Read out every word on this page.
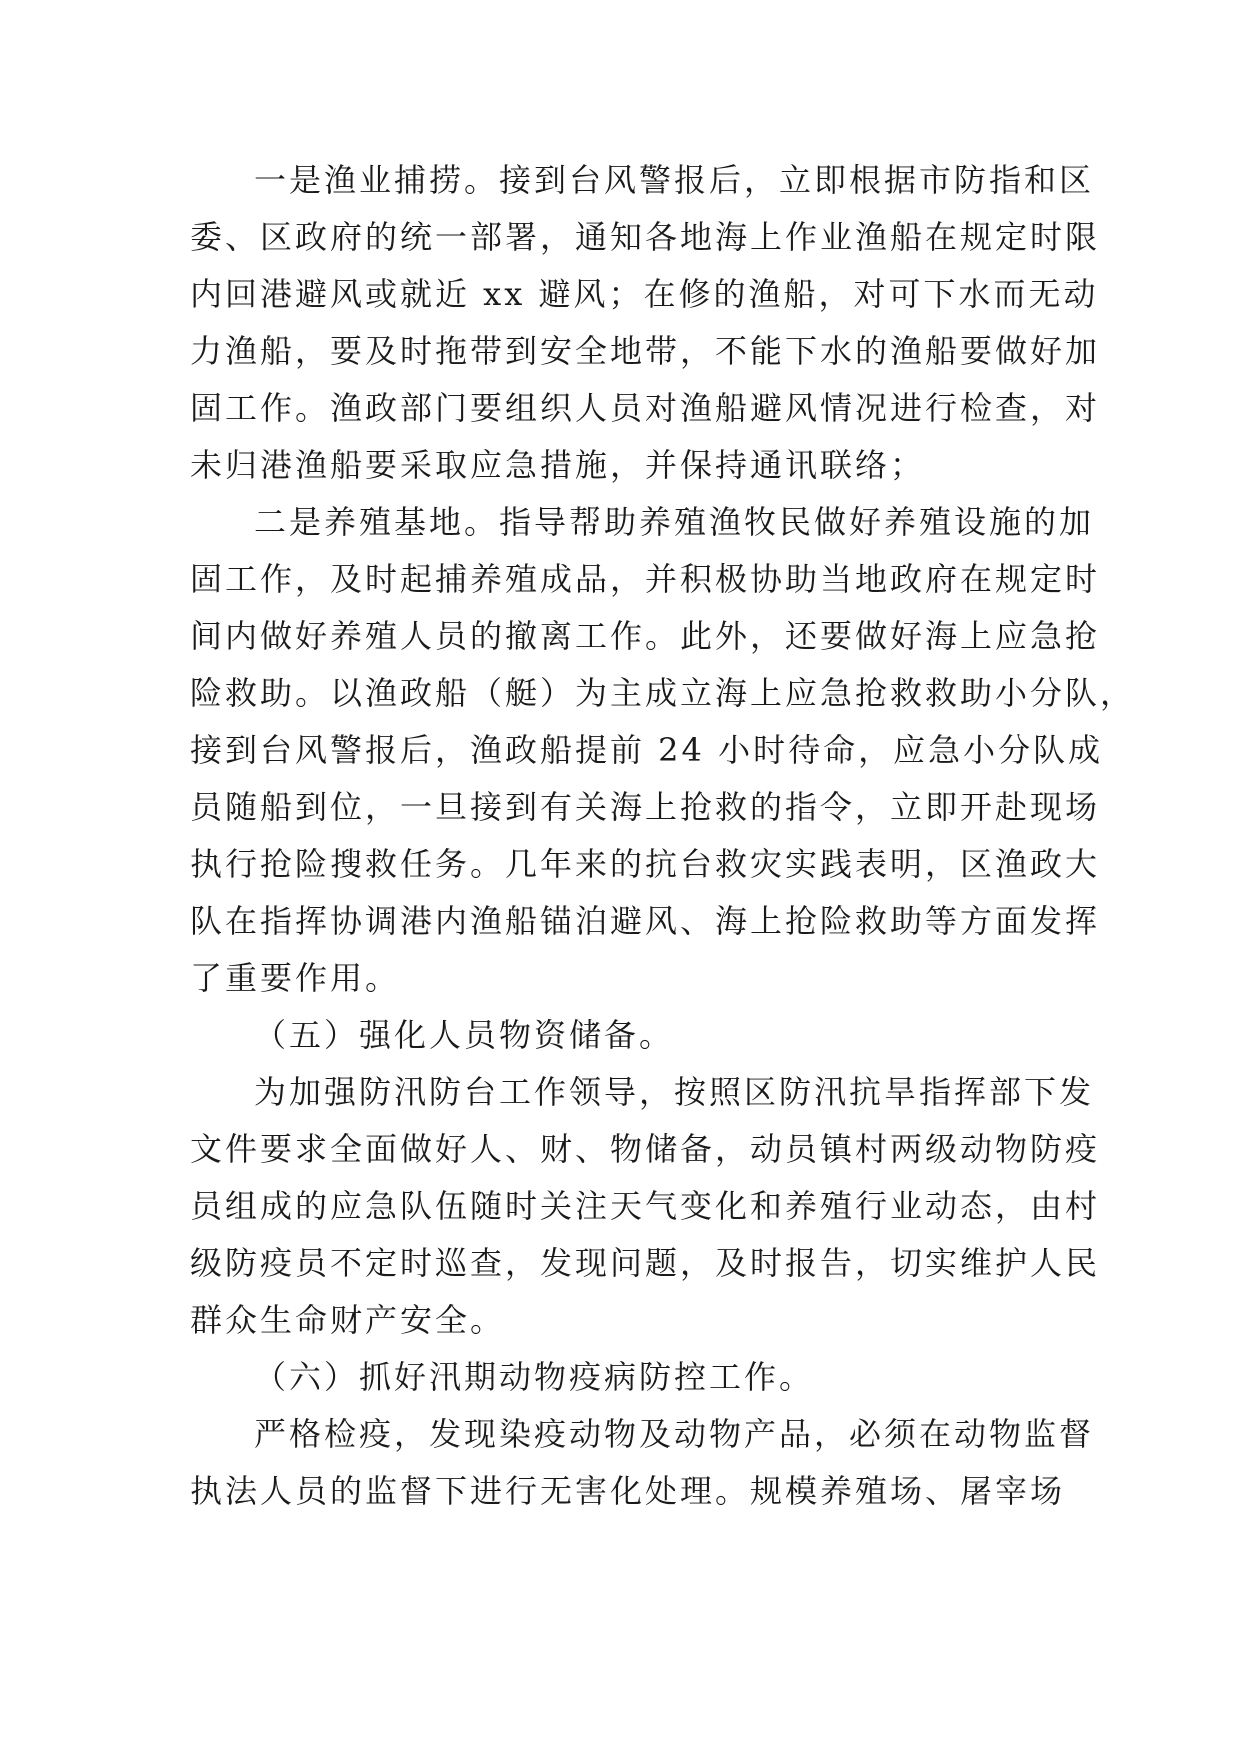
一是渔业捕捞。接到台风警报后，立即根据市防指和区
委、区政府的统一部署，通知各地海上作业渔船在规定时限
内回港避风或就近 xx 避风；在修的渔船，对可下水而无动
力渔船，要及时拖带到安全地带，不能下水的渔船要做好加
固工作。渔政部门要组织人员对渔船避风情况进行检查，对
未归港渔船要采取应急措施，并保持通讯联络；
二是养殖基地。指导帮助养殖渔牧民做好养殖设施的加
固工作，及时起捕养殖成品，并积极协助当地政府在规定时
间内做好养殖人员的撤离工作。此外，还要做好海上应急抢
险救助。以渔政船（艇）为主成立海上应急抢救救助小分队，
接到台风警报后，渔政船提前 24 小时待命，应急小分队成
员随船到位，一旦接到有关海上抢救的指令，立即开赴现场
执行抢险搜救任务。几年来的抗台救灾实践表明，区渔政大
队在指挥协调港内渔船锚泊避风、海上抢险救助等方面发挥
了重要作用。
（五）强化人员物资储备。
为加强防汛防台工作领导，按照区防汛抗旱指挥部下发
文件要求全面做好人、财、物储备，动员镇村两级动物防疫
员组成的应急队伍随时关注天气变化和养殖行业动态，由村
级防疫员不定时巡查，发现问题，及时报告，切实维护人民
群众生命财产安全。
（六）抓好汛期动物疫病防控工作。
严格检疫，发现染疫动物及动物产品，必须在动物监督
执法人员的监督下进行无害化处理。规模养殖场、屠宰场
